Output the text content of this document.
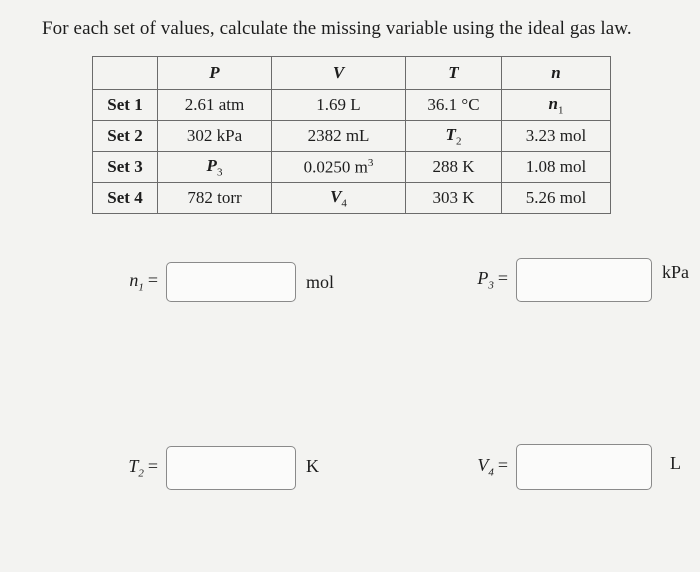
For each set of values, calculate the missing variable using the ideal gas law.
	P	V	T	n
Set 1	2.61 atm	1.69 L	36.1 °C	$n_1$
Set 2	302 kPa	2382 mL	$T_2$	3.23 mol
Set 3	$P_3$	0.0250 $m^3$	288 K	1.08 mol
Set 4	782 torr	$V_4$	303 K	5.26 mol
$n_1$ =	mol	$P_3$ =	kPa
$T_2$ =	K	$V_4$ =	L
